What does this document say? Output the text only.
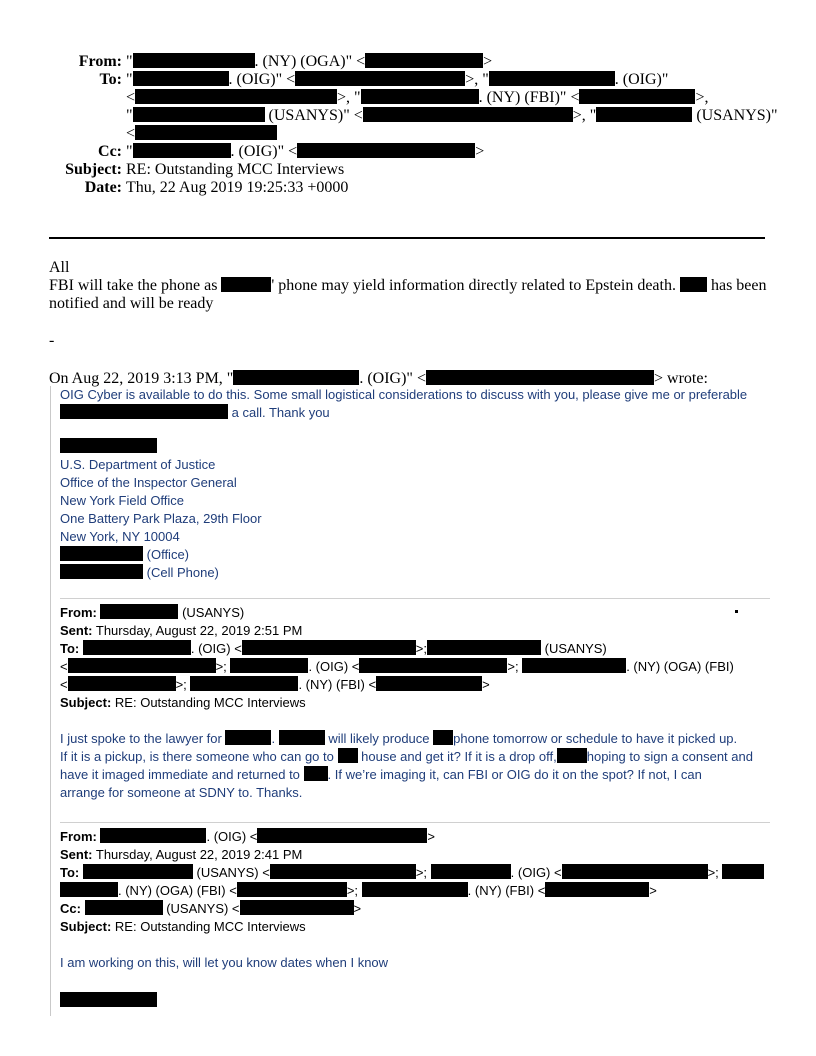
From: "	. (NY) (OGA)" <	>
To: "	. (OIG)" <	>, "	. (OIG)"
<	>, "	. (NY) (FBI)" <	>,
"	(USANYS)" <	>, "	(USANYS)"
<
Cc: "	. (OIG)" <	>
Subject: RE: Outstanding MCC Interviews
Date: Thu, 22 Aug 2019 19:25:33 +0000
All
FBI will take the phone as	' phone may yield information directly related to Epstein death. has been
notified and will be ready
-
On Aug 22, 2019 3:13 PM, "	. (OIG)" <	> wrote:
OIG Cyber is available to do this. Some small logistical considerations to discuss with you, please give me or preferable
a call. Thank you
U.S. Department of Justice
Office of the Inspector General
New York Field Office
One Battery Park Plaza, 29th Floor
New York, NY 10004
(Office)
(Cell Phone)
From:	(USANYS)
Sent: Thursday, August 22, 2019 2:51 PM
To:	. (OIG) <	>;	(USANYS)
<	>;	. (OIG) <	>;	. (NY) (OGA) (FBI)
<	>;	. (NY) (FBI) <	>
Subject: RE: Outstanding MCC Interviews
I just spoke to the lawyer for	.	will likely produce phone tomorrow or schedule to have it picked up.
If it is a pickup, is there someone who can go to house and get it? If it is a drop off, hoping to sign a consent and
have it imaged immediate and returned to . If we’re imaging it, can FBI or OIG do it on the spot? If not, I can
arrange for someone at SDNY to. Thanks.
From:	. (OIG) <	>
Sent: Thursday, August 22, 2019 2:41 PM
To:	(USANYS) <	>;	. (OIG) <	>;
. (NY) (OGA) (FBI) <	>;	. (NY) (FBI) <	>
Cc:	(USANYS) <	>
Subject: RE: Outstanding MCC Interviews
I am working on this, will let you know dates when I know
